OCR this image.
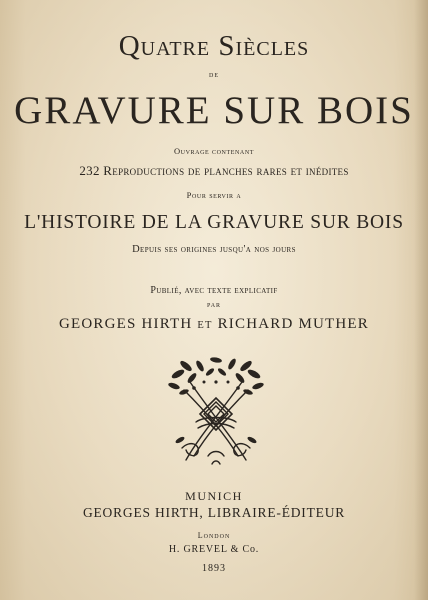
Quatre Siècles
DE
GRAVURE SUR BOIS
Ouvrage contenant
232 Reproductions de planches rares et inédites
Pour servir a
L'HISTOIRE DE LA GRAVURE SUR BOIS
Depuis ses origines jusqu'a nos jours
Publié, avec texte explicatif
PAR
GEORGES HIRTH ET RICHARD MUTHER
MUNICH
GEORGES HIRTH, LIBRAIRE-ÉDITEUR
London
H. GREVEL & Co.
1893
